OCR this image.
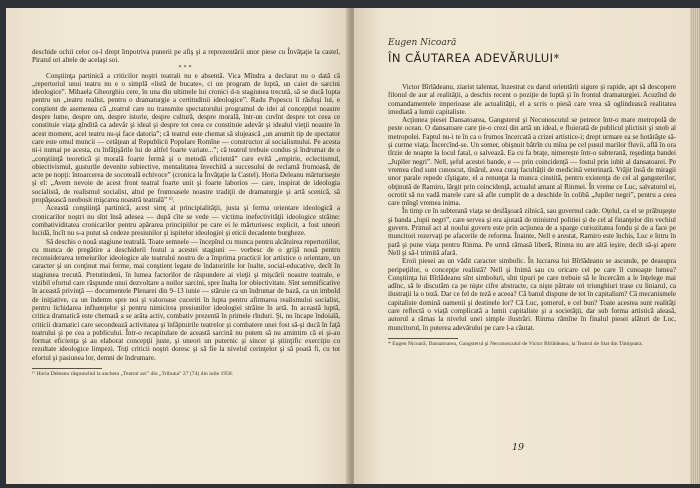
deschide ochii celor ce-l drept împotriva punerii pe afiş şi a reprezentării unor piese cu Învăţaţie la castel, Piratul ori altele de acelaşi soi.

***

Conştiinţa partinică a criticilor noştri teatrali nu e absentă. Vica Mîndra a declarat nu o dată că „repertoriul unui teatru nu e o simplă «listă de bucate», ci un program de luptă, un caiet de sarcini ideologice”. Mihaela Gheorghiu cere, în una din ultimele lui cronici d-n stagiunea trecută, să se ducă lupta pentru un „teatru realist, pentru o dramaturgie a certitudinii ideologice”. Radu Popescu îi răsfuşi lui, e conştient de asemenea că „teatrul care nu transmite spectatorului programul de idei al concepţiei noastre despre lume, despre om, despre istorie, despre cultură, despre morală, într-un cuvînt despre tot ceea ce constituie viaţa gîndită ca adevăr şi ideal şi despre tot ceea ce constituie adevăr şi idealul vieţii noastre în acest moment, acel teatru nu-şi face datoria”; că teatrul este chemat să slujească „un anumit tip de spectator care este omul muncii — cetăţean al Republicii Populare Romîne — constructor al socialismului. Pe acesta ni-i numai pe acesta, cu înfăţişările lui de altfel foarte variate...”; că teatrul trebuie condus şi îndrumat de o „conştiinţă teoretică şi morală foarte fermă şi o metodă eficientă” care evită „empirie, eclectismul, obiectivismul, gusturile devenite subiective, mentalitatea învechită a succesului de reclamă frumoasă, de acte pe nopţi: întoarcerea de socoteală echivoce” (cronica la Învăţaţie la Castel). Horia Deleanu mărturiseşte şi el: „Avem nevoie de acest front teatral foarte unit şi foarte laborios — care, inspirat de ideologia socialistă, de realismul socialist, altul pe frumoasele noastre tradiţii de dramaturgie şi artă scenică, să propăşească neobosit mişcarea noastră teatrală” ¹⁾.

Această conştiinţă partinică, acest simţ al principialităţii, justa şi ferma orientare ideologică a cronicarilor noştri nu sînt însă adesea — după cîte se vede — victima inefectivităţii ideologice străine: combatividitatea cronicarilor pentru apărarea principiilor pe care ei le mărturisesc explicit, a fost uneori lucidă, încît nu s-a putut să cedeze presiunilor şi ispitelor ideologiei şi eticii decadente burgheze.

Să deschis o nouă stagiune teatrală. Toate semnele — începînd cu munca pentru alcătuirea repertoriilor, cu munca de pregătire a deschiderii fostul a acestei stagiuni — vorbesc de o grijă nouă pentru reconsiderarea temeiurilor ideologice ale teatrului nostru de a împrima practicii lor artistice o orientare, un caracter şi un conţinut mai ferme, mai conştient legate de îndatoririle lor înalte, social-educative, decît în stagiunea trecută. Pretutindeni, în lumea factorilor de răspundere ai vieţii şi mişcării noastre teatrale, e vizibil efortul care răspunde unui dezvoltare a noilor sarcini, spre înalta lor obiectivitate. Sînt semnificative în această privinţă — documentele Plenarei din 9–13 iunie — stăruie ca un îndrumar de bază, ca un imbold de iniţiative, ca un îndemn spre noi şi valoroase cuceriri în lupta pentru afirmarea realismului socialist, pentru lichidarea influenţelor şi pentru nimicirea presiunilor ideologiei străine în artă. In această luptă, critica dramatică este chemată a se arăta activ, combativ prezentă în primele rînduri. Şi, nu încape îndoială, criticii dramatici care secondează activitatea şi înfăptuirile teatrelor şi combatere unei fost să-şi ducă în faţă teatrului şi pe cea a publicului. Într-o recapitulare de această sarcină nu putem să nu amintim că ei şi-au format eficienţa şi au elaborat concepţii juste, şi uneori un puternic şi sincer şi ştiinţific exerciţiu cu rezultate ideologice limpezi. Toţi criticii noştri doresc şi să fie la nivelul cerinţelor şi să poată fi, cu tot efortul şi pasiunea lor, demni de îndrumare.

¹⁾ Horia Deleanu răspunzînd la ancheta „Teatrul azi” din „Tribuna” 27 (74) din iulie 1958.

Eugen Nicoară
ÎN CĂUTAREA ADEVĂRULUI*

Victor Bîrlădeanu, ziarist talentat, înzestrat cu darul orientării sigure şi rapide, apt să descopere filonul de aur al realităţii, a deschis recent o poziţie de luptă şi în frontul dramaturgiei. Acuzînd de comandamentele imperioase ale actualităţii, el a scris o piesă care vrea să oglindească realitatea imediată a lumii capitaliste.

Acţiunea piesei Dansatoarea, Gangsterul şi Necunoscutul se petrece într-o mare metropolă de peste ocean. O dansatoare care ţie-o crezi din artă un ideal, e fluierată de publicul plictisit şi snob al metropolei. Faptul nu-i te în ca o frumos încercată a crizei artistice-i; drept urmare ea se hotărăşte să-şi curme viaţa. Încercînd-se. Un somer, obişnuit bătrîn cu mîna pe cel pusul marilor fluvii, află în ora tîrzie de noapte la locul fatal, o salvează. Ea cu fa braţe, nimerește într-o subterană, reşedinţa bandei „Jupiler negri”. Nell, şeful acestei bande, e — prin coincidenţă — fostul prin iubit al dansatoarei. Pe vremea cînd sunt cunoscut, tînărul, avea curaj facultăţii de medicină veterinară. Vrăjit însă de miragii unor parale repede cîştigate, el a renunţat la munca cinstită, pentru existenţa de cel al gangsterilor, obţinută de Ramiro, lărgit prin coincidenţă, actualul amant al Rinmei. În vreme ce Luc, salvatorul ei, ocrotit să nu vadă marele care să afle cumplit de a deschide în colibă „Jupiler negri”, pentru a ceea care mîngî vremea inima.

În timp ce în subterană viaţa se desfăşoară zilnică, sau guvernul cade. Oţelul, ca el se prăbuşeşte şi banda „lupii negri”, care servea şi era ajutată de ministrul politiei şi de cel al finanţelor din vechiul guvern. Primul act al noului guvern este prin acţiunea de a sparge curiozitatea fondu şi de a face pe muncitori rezervaţi pe afacerile de reforma. Înainte, Nell e arestat, Ramiro este închis, Luc e întru în pată şi pune viaţa pentru Rinma. Pe urmă rămasă liberă, Rinma nu are altă ieşire, decît să-şi apere Nell şi să-l trimită afară.

Eroii piesei au un vădit caracter simbolic. În lucrarea lui Bîrlădeanu se ascunde, pe deasupra peripeţiilor, o concepţie realistă? Nell şi Inimă sau cu oricare cel pe care îl cunoaşte lumea? Conştiinţa lui Bîrlădeanu sînt simboluri, sînt tipuri pe care trebuie să le încercăm a le înţelege mai adînc, să le discutăm ca pe nişte cifre abstracte, ca nişte pătrate ori triunghiuri trase cu liniarul, ca ilustraţii la o teză. Dar ce fel de teză e aceea? Că banul dispune de tot în capitalism? Că mecanismele capitaliste domină oamenii şi destinele lor? Că Luc, şomerul, e cel bun? Toate acestea sunt realităţi care reflectă o viaţă complicată a lumii capitaliste şi a societăţii, dar sub forma artistică aleasă, autorul a rămas la nivelul unei simple ilustrări. Rinma rămîne în finalul piesei alături de Luc, muncitorul, în puterea adevărului pe care l-a căutat.

* Eugen Nicoară, Dansatoarea, Gangsterul şi Necunoscutul de Victor Bîrlădeanu, la Teatrul de Stat din Timişoara.

19
